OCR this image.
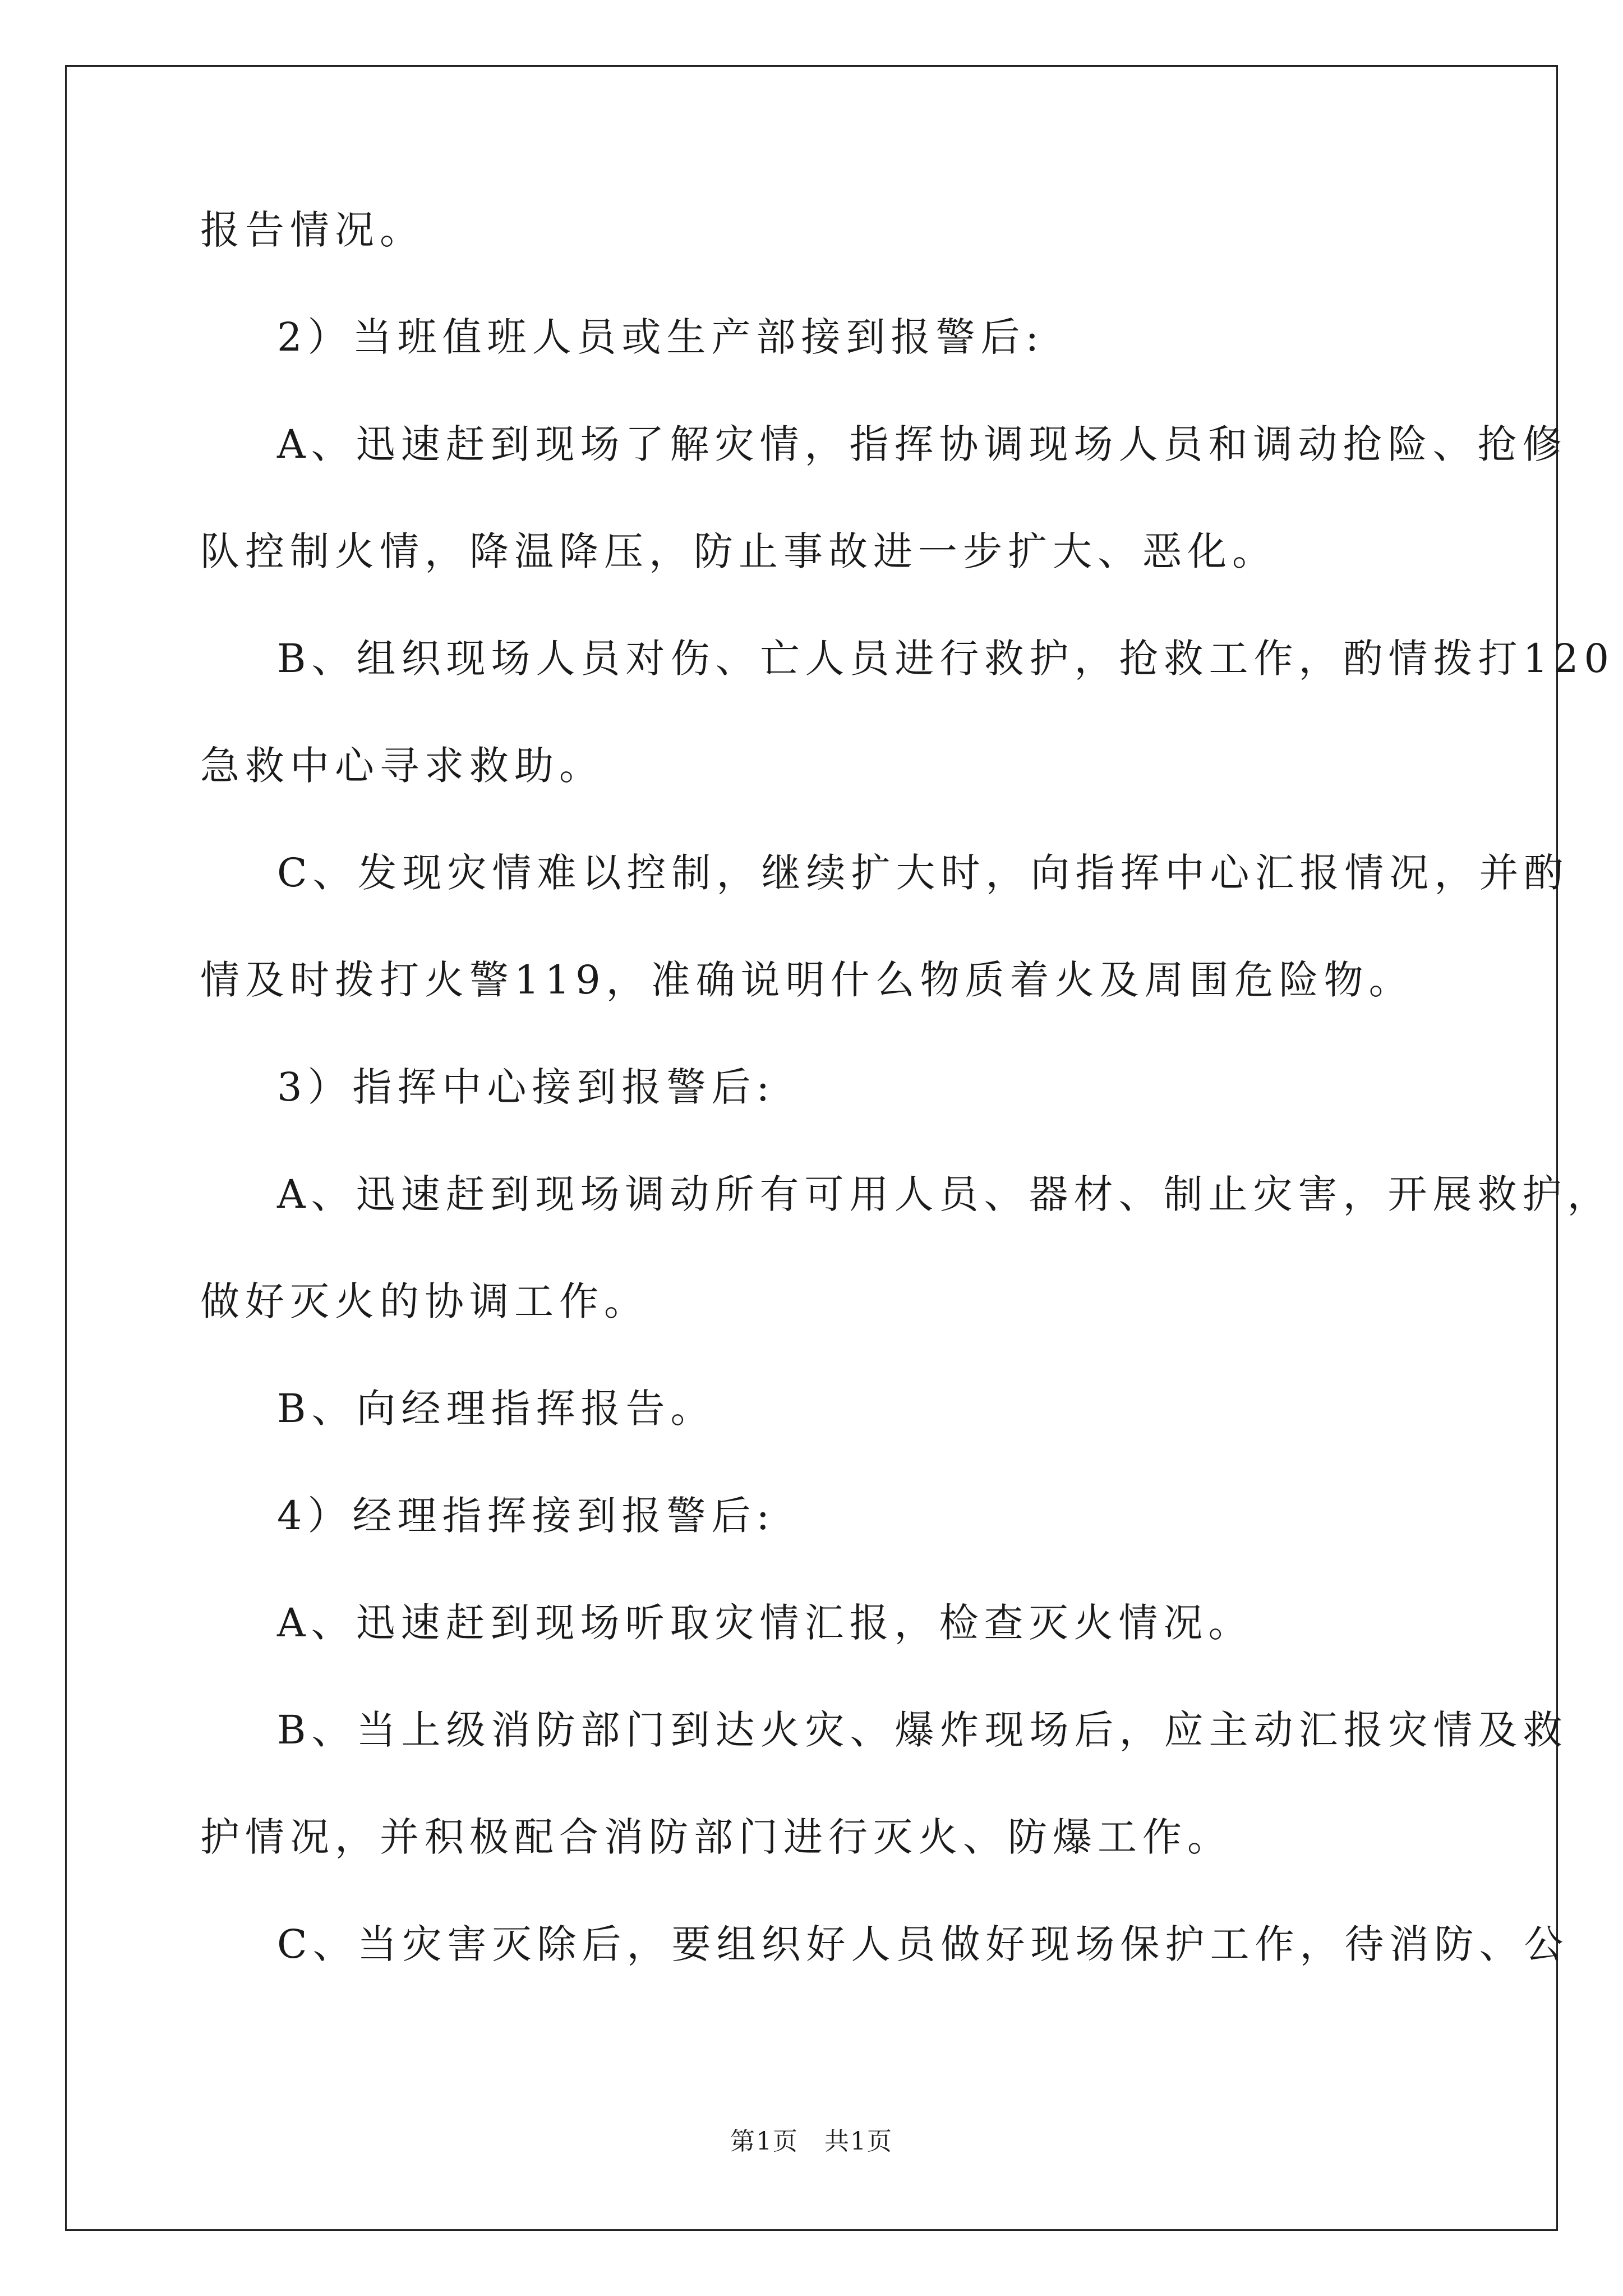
报告情况。
2）当班值班人员或生产部接到报警后:
A、迅速赶到现场了解灾情，指挥协调现场人员和调动抢险、抢修
队控制火情，降温降压，防止事故进一步扩大、恶化。
B、组织现场人员对伤、亡人员进行救护，抢救工作，酌情拨打120
急救中心寻求救助。
C、发现灾情难以控制，继续扩大时，向指挥中心汇报情况，并酌
情及时拨打火警119，准确说明什么物质着火及周围危险物。
3）指挥中心接到报警后:
A、迅速赶到现场调动所有可用人员、器材、制止灾害，开展救护，
做好灭火的协调工作。
B、向经理指挥报告。
4）经理指挥接到报警后:
A、迅速赶到现场听取灾情汇报，检查灭火情况。
B、当上级消防部门到达火灾、爆炸现场后，应主动汇报灾情及救
护情况，并积极配合消防部门进行灭火、防爆工作。
C、当灾害灭除后，要组织好人员做好现场保护工作，待消防、公
第1页　共1页
